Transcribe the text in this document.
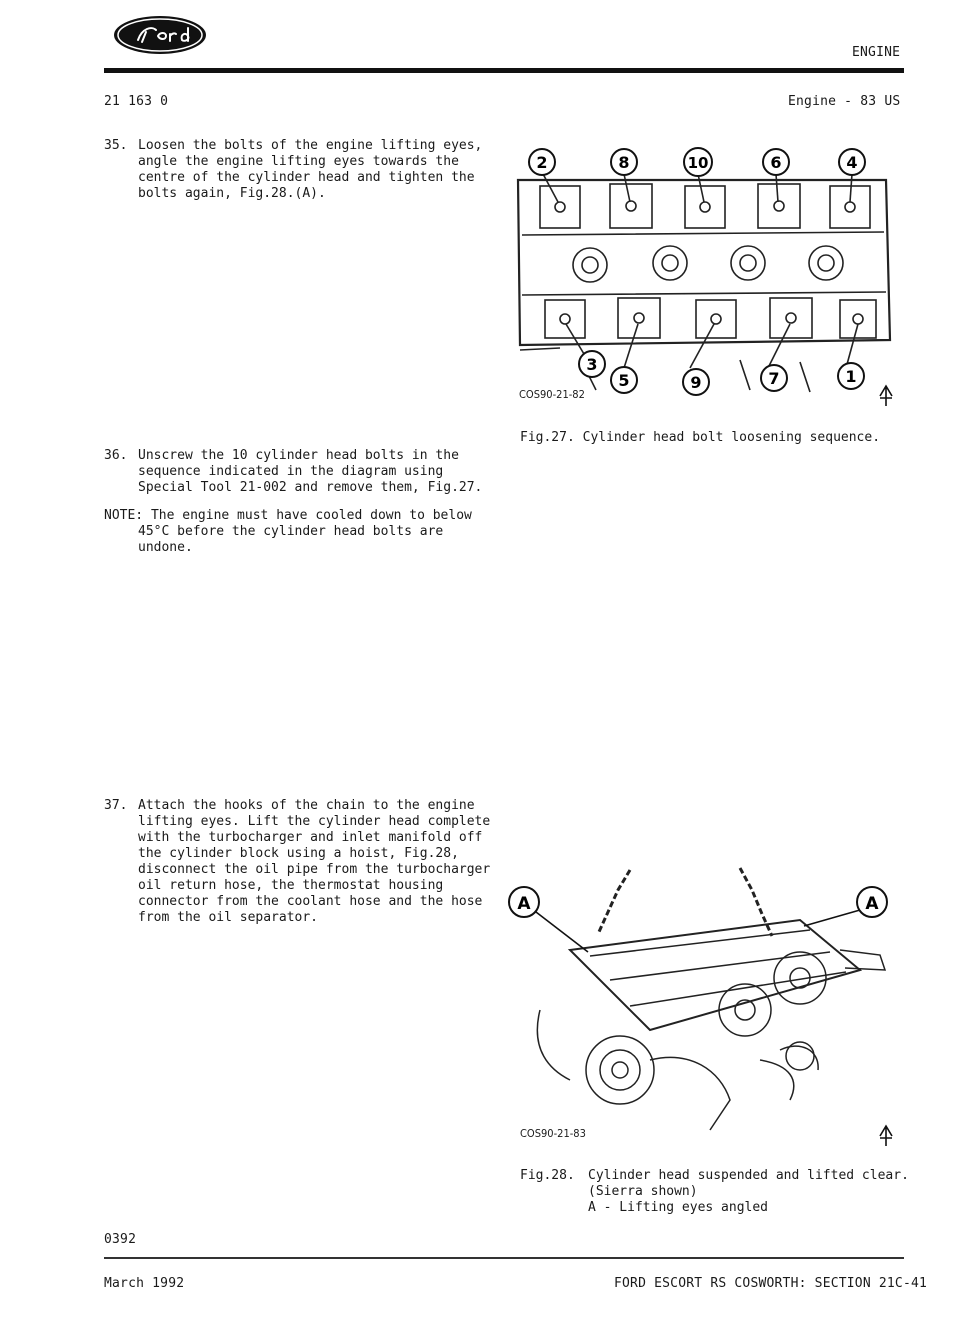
ENGINE
21 163 0	Engine - 83 US
35. Loosen the bolts of the engine lifting eyes, angle the engine lifting eyes towards the centre of the cylinder head and tighten the bolts again, Fig.28.(A).
36. Unscrew the 10 cylinder head bolts in the sequence indicated in the diagram using Special Tool 21-002 and remove them, Fig.27.
NOTE: The engine must have cooled down to below
45°C before the cylinder head bolts are undone.
37. Attach the hooks of the chain to the engine lifting eyes. Lift the cylinder head complete with the turbocharger and inlet manifold off the cylinder block using a hoist, Fig.28, disconnect the oil pipe from the turbocharger oil return hose, the thermostat housing connector from the coolant hose and the hose from the oil separator.
2	8	10	6	4
3
5	9	7	1
COS90-21-82
Fig.27. Cylinder head bolt loosening sequence.
A	A
COS90-21-83
Fig.28. Cylinder head suspended and lifted clear.
(Sierra shown)
A - Lifting eyes angled
0392
March 1992	FORD ESCORT RS COSWORTH: SECTION 21C-41
